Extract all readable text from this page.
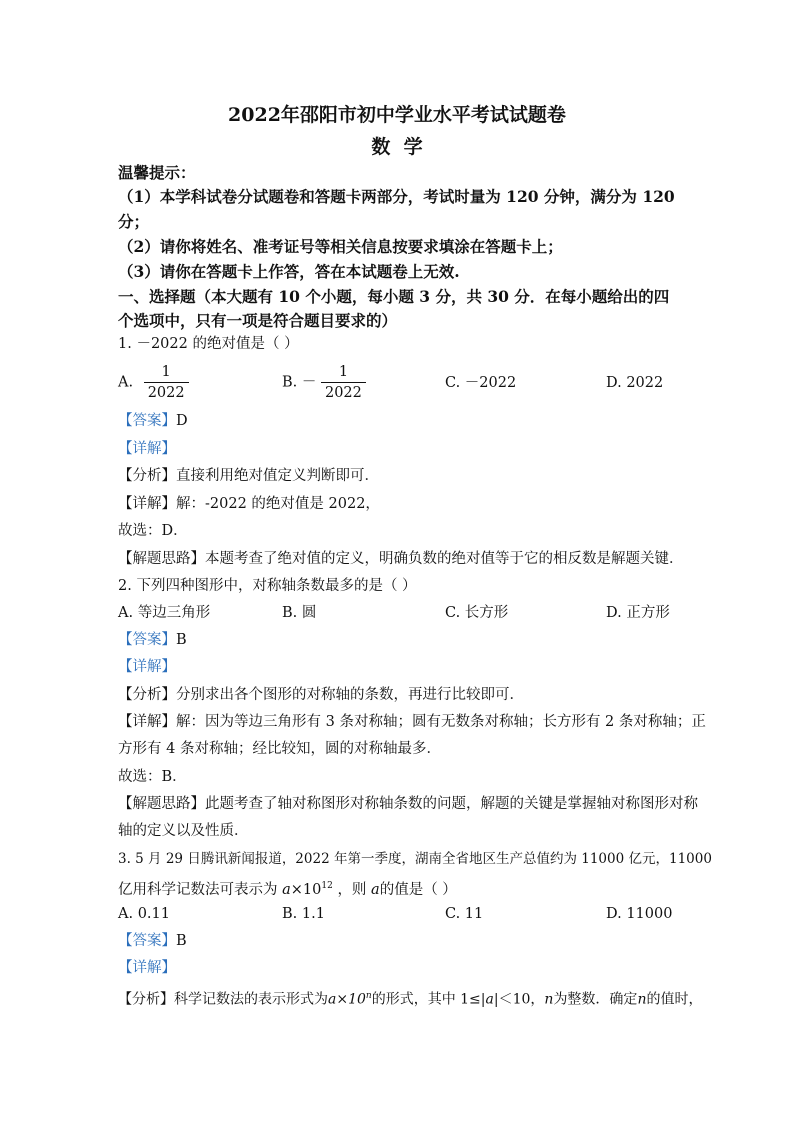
2022年邵阳市初中学业水平考试试题卷
数  学
温馨提示：
（1）本学科试卷分试题卷和答题卡两部分，考试时量为 120 分钟，满分为 120
分；
（2）请你将姓名、准考证号等相关信息按要求填涂在答题卡上；
（3）请你在答题卡上作答，答在本试题卷上无效.
一、选择题（本大题有 10 个小题，每小题 3 分，共 30 分．在每小题给出的四
个选项中，只有一项是符合题目要求的）
1. －2022 的绝对值是（ ）
A. $\frac{1}{2022}$	B. － $\frac{1}{2022}$	C. －2022	D. 2022
【答案】D
【详解】
【分析】直接利用绝对值定义判断即可．
【详解】解：-2022 的绝对值是 2022，
故选：D．
【解题思路】本题考查了绝对值的定义，明确负数的绝对值等于它的相反数是解题关键．
2. 下列四种图形中，对称轴条数最多的是（ ）
A. 等边三角形	B. 圆	C. 长方形	D. 正方形
【答案】B
【详解】
【分析】分别求出各个图形的对称轴的条数，再进行比较即可．
【详解】解：因为等边三角形有 3 条对称轴；圆有无数条对称轴；长方形有 2 条对称轴；正
方形有 4 条对称轴；经比较知，圆的对称轴最多．
故选：B．
【解题思路】此题考查了轴对称图形对称轴条数的问题，解题的关键是掌握轴对称图形对称
轴的定义以及性质．
3. 5 月 29 日腾讯新闻报道，2022 年第一季度，湖南全省地区生产总值约为 11000 亿元，11000
亿用科学记数法可表示为 $a\times 10^{12}$ ，则 a的值是（ ）
A. 0.11	B. 1.1	C. 11	D. 11000
【答案】B
【详解】
【分析】科学记数法的表示形式为$a\times 10^n$的形式，其中 1≤|a|＜10，n为整数．确定n的值时，
